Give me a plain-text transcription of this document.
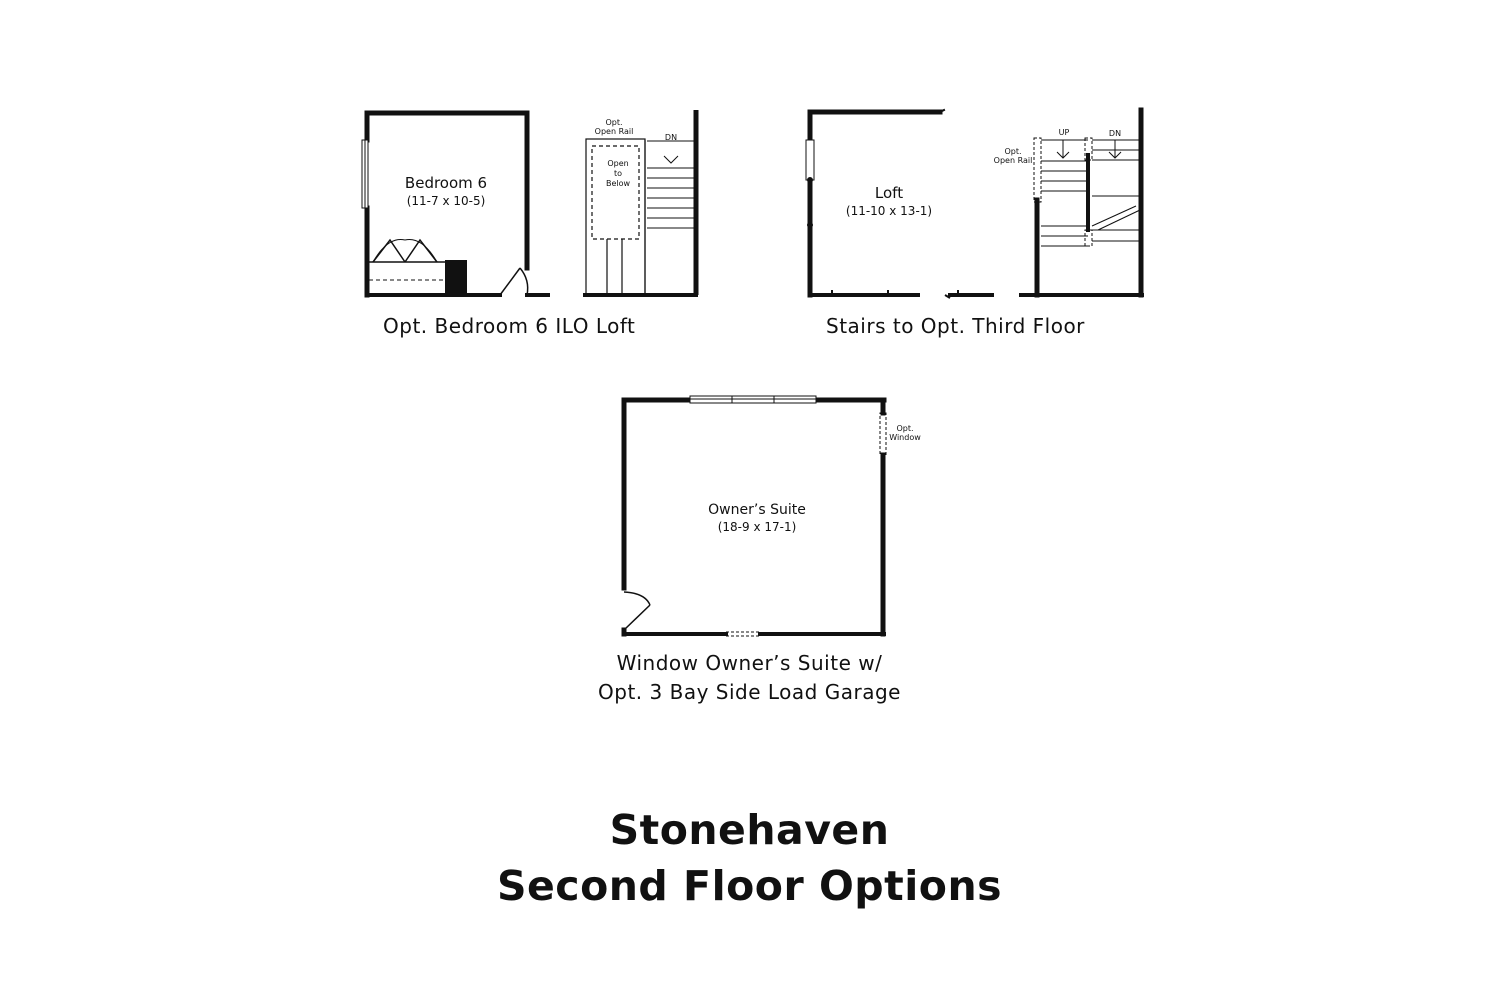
Bedroom 6
(11-7 x 10-5)
Opt.
Open Rail
Open
to
Below
DN
Loft
(11-10 x 13-1)
UP	DN
Opt.
Open Rail
Owner’s Suite
(18-9 x 17-1)
Opt.
Window
Opt. Bedroom 6 ILO Loft	Stairs to Opt. Third Floor
Window Owner’s Suite w/
Opt. 3 Bay Side Load Garage
Stonehaven
Second Floor Options
